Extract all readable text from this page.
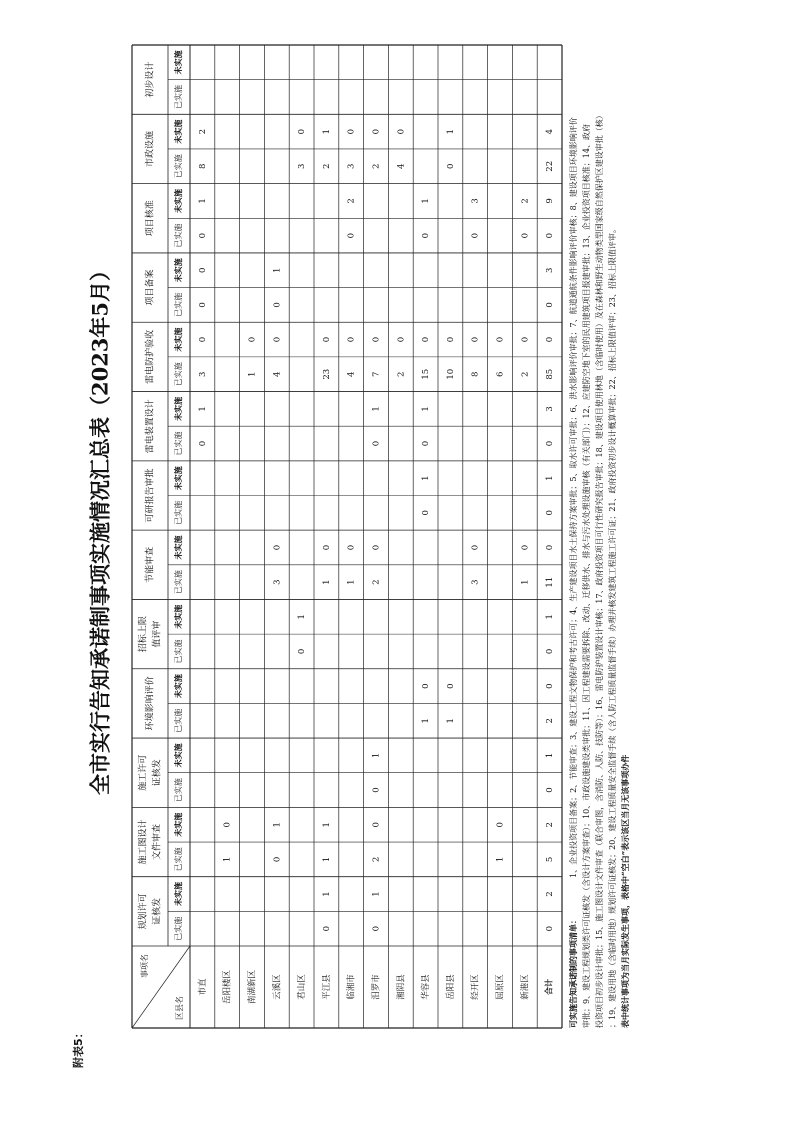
附表5：
全市实行告知承诺制事项实施情况汇总表（2023年5月）
事项名
区县名
规划许可 证核发
已实施
未实施
施工图设计 文件审查 已实施
未实施
施工许可 证核发
已实施
未实施
环境影响评价 已实施
未实施
招标上限 值评审
已实施
未实施
节能审查 已实施
未实施
可研报告审批 已实施
未实施
雷电装置设计 已实施
未实施
雷电防护验收 已实施
未实施
项目备案 已实施
未实施
项目核准 已实施
未实施
市政设施 已实施
未实施
初步设计 已实施
未实施
市直
0
1
3
0
0
0
0
1
8
2
岳阳楼区
1
0
南湖新区
1
0
云溪区
0
1
3
0
4
0
0
1
君山区
0
1
3
0
平江县
0
1
1
1
1
0
23
0
2
1
临湘市
1
0
4
0
0
2
3
0
汨罗市
0
1
2
0
0
1
2
0
0
1
7
0
2
0
湘阴县
2
0
4
0
华容县
1
0
0
1
0
1
15
0
0
1
岳阳县
1
0
10
0
0
1
经开区
3
0
8
0
0
3
屈原区
1
0
6
0
新港区
1
0
2
0
0
2
合计
0
2
5
2
0
1
2
0
0
1
11
0
0
1
0
3
85
0
0
3
0
9
22
4
可实施告知承诺制的事项清单：
1、企业投资项目备案；2、节能审查；3、建设工程文物保护和考古许可；4、生产建设项目水土保持方案审批；5、取水许可审批；6、洪水影响评价审批；7、航道通航条件影响评价审核；8、建设项目环境影响评价 审批；9、建设工程规划类许可证核发（含设计方案审查）；10、市政设施建设类审批；11、因工程建设需要拆除、改动、迁移供水、排水与污水处理设施审核（有关部门）；12、应建防空地下室的民用建筑项目报建审批；13、企业投资项目核准；14、政府 投资项目初步设计审批；15、施工图设计文件审查（联合审图，含消防、人防、技防等）；16、雷电防护装置设计审核；17、政府投资项目可行性研究报告审批；18、建设项目使用林地（含临时使用）及在森林和野生动物类型国家级自然保护区建设审批（核） ；19、建设用地（含临时用地）规划许可证核发；20、建设工程质量安全监督手续（含人防工程质量监督手续）办理并核发建筑工程施工许可证；21、政府投资初步设计概算审批；22、招标上限值评审；23、招标上限值评审。 表中统计事项为当月实际发生事项，表格中“空白”表示该区当月无该事项办件
